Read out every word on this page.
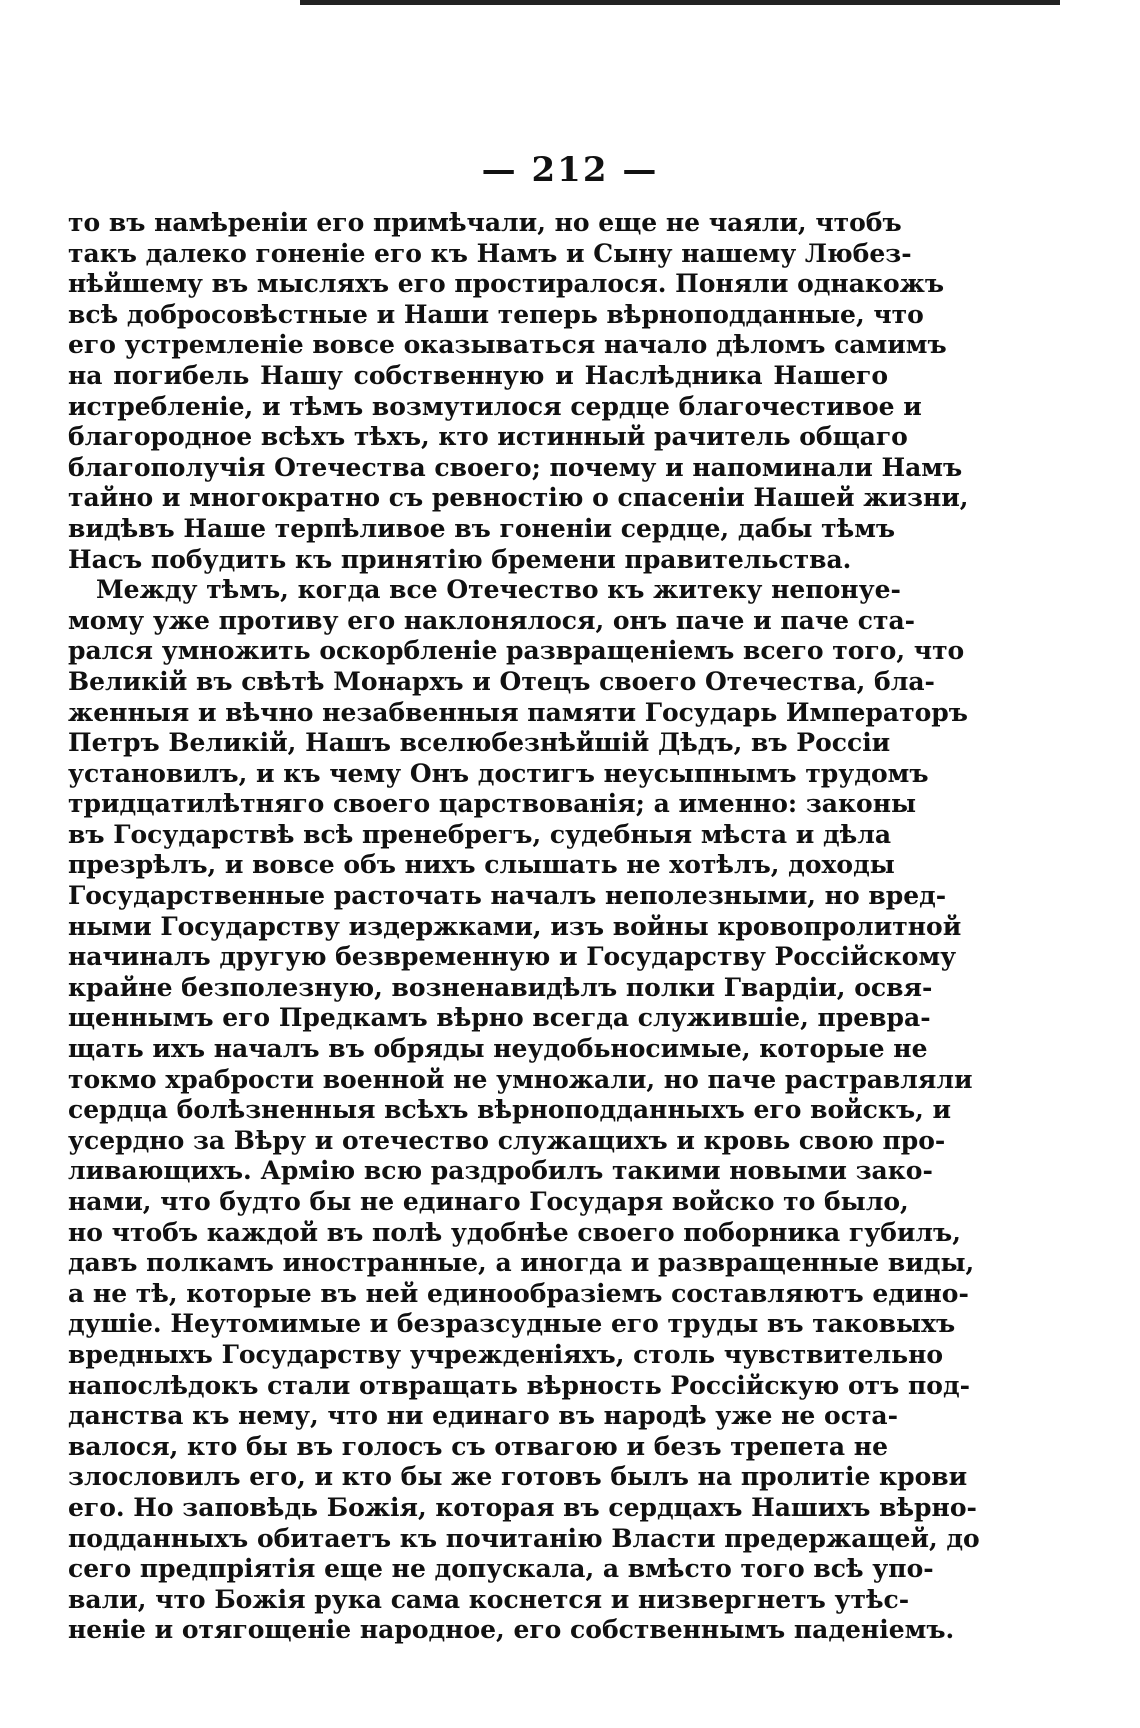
— 212 —
то въ намѣреніи его примѣчали, но еще не чаяли, чтобъ
такъ далеко гоненіе его къ Намъ и Сыну нашему Любез-
нѣйшему въ мысляхъ его простиралося. Поняли однакожъ
всѣ добросовѣстные и Наши теперь вѣрноподданные, что
его устремленіе вовсе оказываться начало дѣломъ самимъ
на погибель Нашу собственную и Наслѣдника Нашего
истребленіе, и тѣмъ возмутилося сердце благочестивое и
благородное всѣхъ тѣхъ, кто истинный рачитель общаго
благополучія Отечества своего; почему и напоминали Намъ
тайно и многократно съ ревностію о спасеніи Нашей жизни,
видѣвъ Наше терпѣливое въ гоненіи сердце, дабы тѣмъ
Насъ побудить къ принятію бремени правительства.
Между тѣмъ, когда все Отечество къ житеку непонуе-
мому уже противу его наклонялося, онъ паче и паче ста-
рался умножить оскорбленіе развращеніемъ всего того, что
Великій въ свѣтѣ Монархъ и Отецъ своего Отечества, бла-
женныя и вѣчно незабвенныя памяти Государь Императоръ
Петръ Великій, Нашъ вселюбезнѣйшій Дѣдъ, въ Россіи
установилъ, и къ чему Онъ достигъ неусыпнымъ трудомъ
тридцатилѣтняго своего царствованія; а именно: законы
въ Государствѣ всѣ пренебрегъ, судебныя мѣста и дѣла
презрѣлъ, и вовсе объ нихъ слышать не хотѣлъ, доходы
Государственные расточать началъ неполезными, но вред-
ными Государству издержками, изъ войны кровопролитной
начиналъ другую безвременную и Государству Россійскому
крайне безполезную, возненавидѣлъ полки Гвардіи, освя-
щеннымъ его Предкамъ вѣрно всегда служившіе, превра-
щать ихъ началъ въ обряды неудобьносимые, которые не
токмо храбрости военной не умножали, но паче растравляли
сердца болѣзненныя всѣхъ вѣрноподданныхъ его войскъ, и
усердно за Вѣру и отечество служащихъ и кровь свою про-
ливающихъ. Армію всю раздробилъ такими новыми зако-
нами, что будто бы не единаго Государя войско то было,
но чтобъ каждой въ полѣ удобнѣе своего поборника губилъ,
давъ полкамъ иностранные, а иногда и развращенные виды,
а не тѣ, которые въ ней единообразіемъ составляютъ едино-
душіе. Неутомимые и безразсудные его труды въ таковыхъ
вредныхъ Государству учрежденіяхъ, столь чувствительно
напослѣдокъ стали отвращать вѣрность Россійскую отъ под-
данства къ нему, что ни единаго въ народѣ уже не оста-
валося, кто бы въ голосъ съ отвагою и безъ трепета не
злословилъ его, и кто бы же готовъ былъ на пролитіе крови
его. Но заповѣдь Божія, которая въ сердцахъ Нашихъ вѣрно-
подданныхъ обитаетъ къ почитанію Власти предержащей, до
сего предпріятія еще не допускала, а вмѣсто того всѣ упо-
вали, что Божія рука сама коснется и низвергнетъ утѣс-
неніе и отягощеніе народное, его собственнымъ паденіемъ.
